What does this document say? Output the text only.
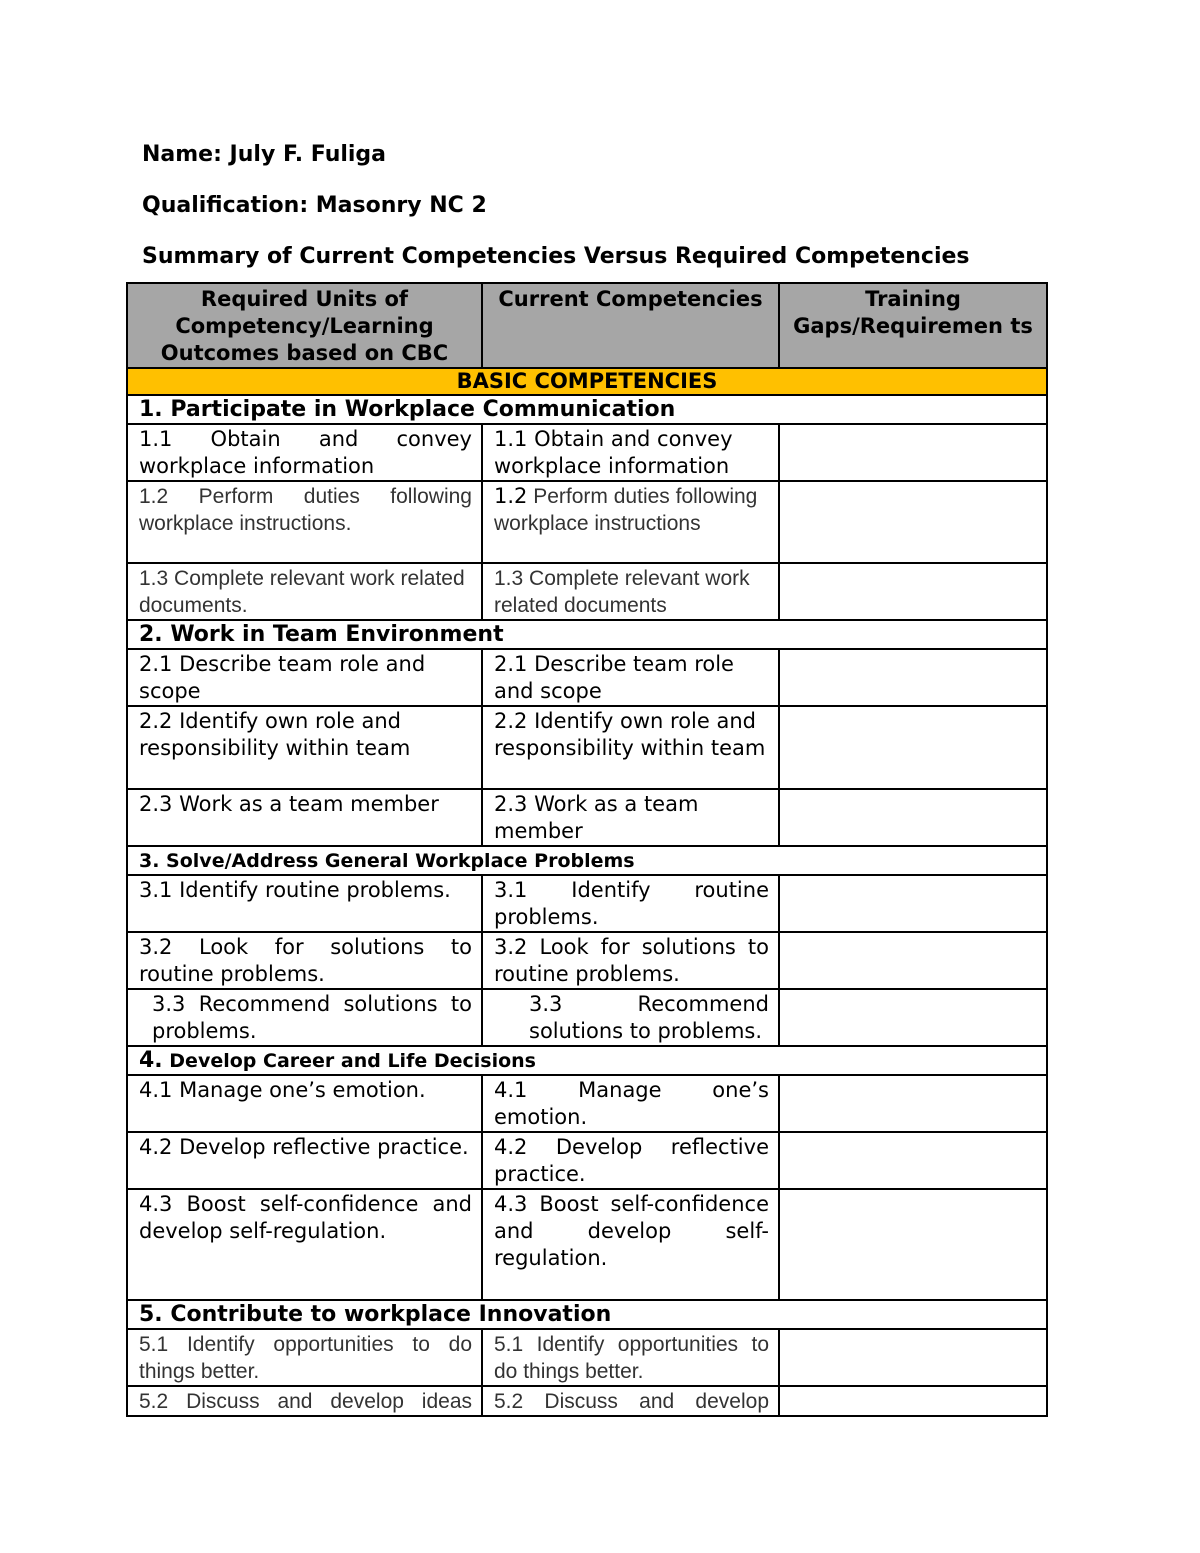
Name: July F. Fuliga
Qualification: Masonry NC 2
Summary of Current Competencies Versus Required Competencies
Required Units of Competency/Learning Outcomes based on CBC	Current Competencies	Training Gaps/Requiremen ts
BASIC COMPETENCIES		
1. Participate in Workplace Communication		
1.1 Obtain and convey workplace information	1.1 Obtain and convey workplace information	
1.2 Perform duties following workplace instructions.	1.2 Perform duties following workplace instructions	
1.3 Complete relevant work related documents.	1.3 Complete relevant work related documents	
2. Work in Team Environment		
2.1 Describe team role and scope	2.1 Describe team role and scope	
2.2 Identify own role and responsibility within team	2.2 Identify own role and responsibility within team	
2.3 Work as a team member	2.3 Work as a team member	
3. Solve/Address General Workplace Problems		
3.1 Identify routine problems.	3.1 Identify routine problems.	
3.2 Look for solutions to routine problems.	3.2 Look for solutions to routine problems.	
3.3 Recommend solutions to problems.	3.3 Recommend solutions to problems.	
4. Develop Career and Life Decisions		
4.1 Manage one’s emotion.	4.1 Manage one’s emotion.	
4.2 Develop reflective practice.	4.2 Develop reflective practice.	
4.3 Boost self-confidence and develop self-regulation.	4.3 Boost self-confidence and develop self-regulation.	
5. Contribute to workplace Innovation		
5.1 Identify opportunities to do things better.	5.1 Identify opportunities to do things better.	
5.2 Discuss and develop ideas	5.2 Discuss and develop	
